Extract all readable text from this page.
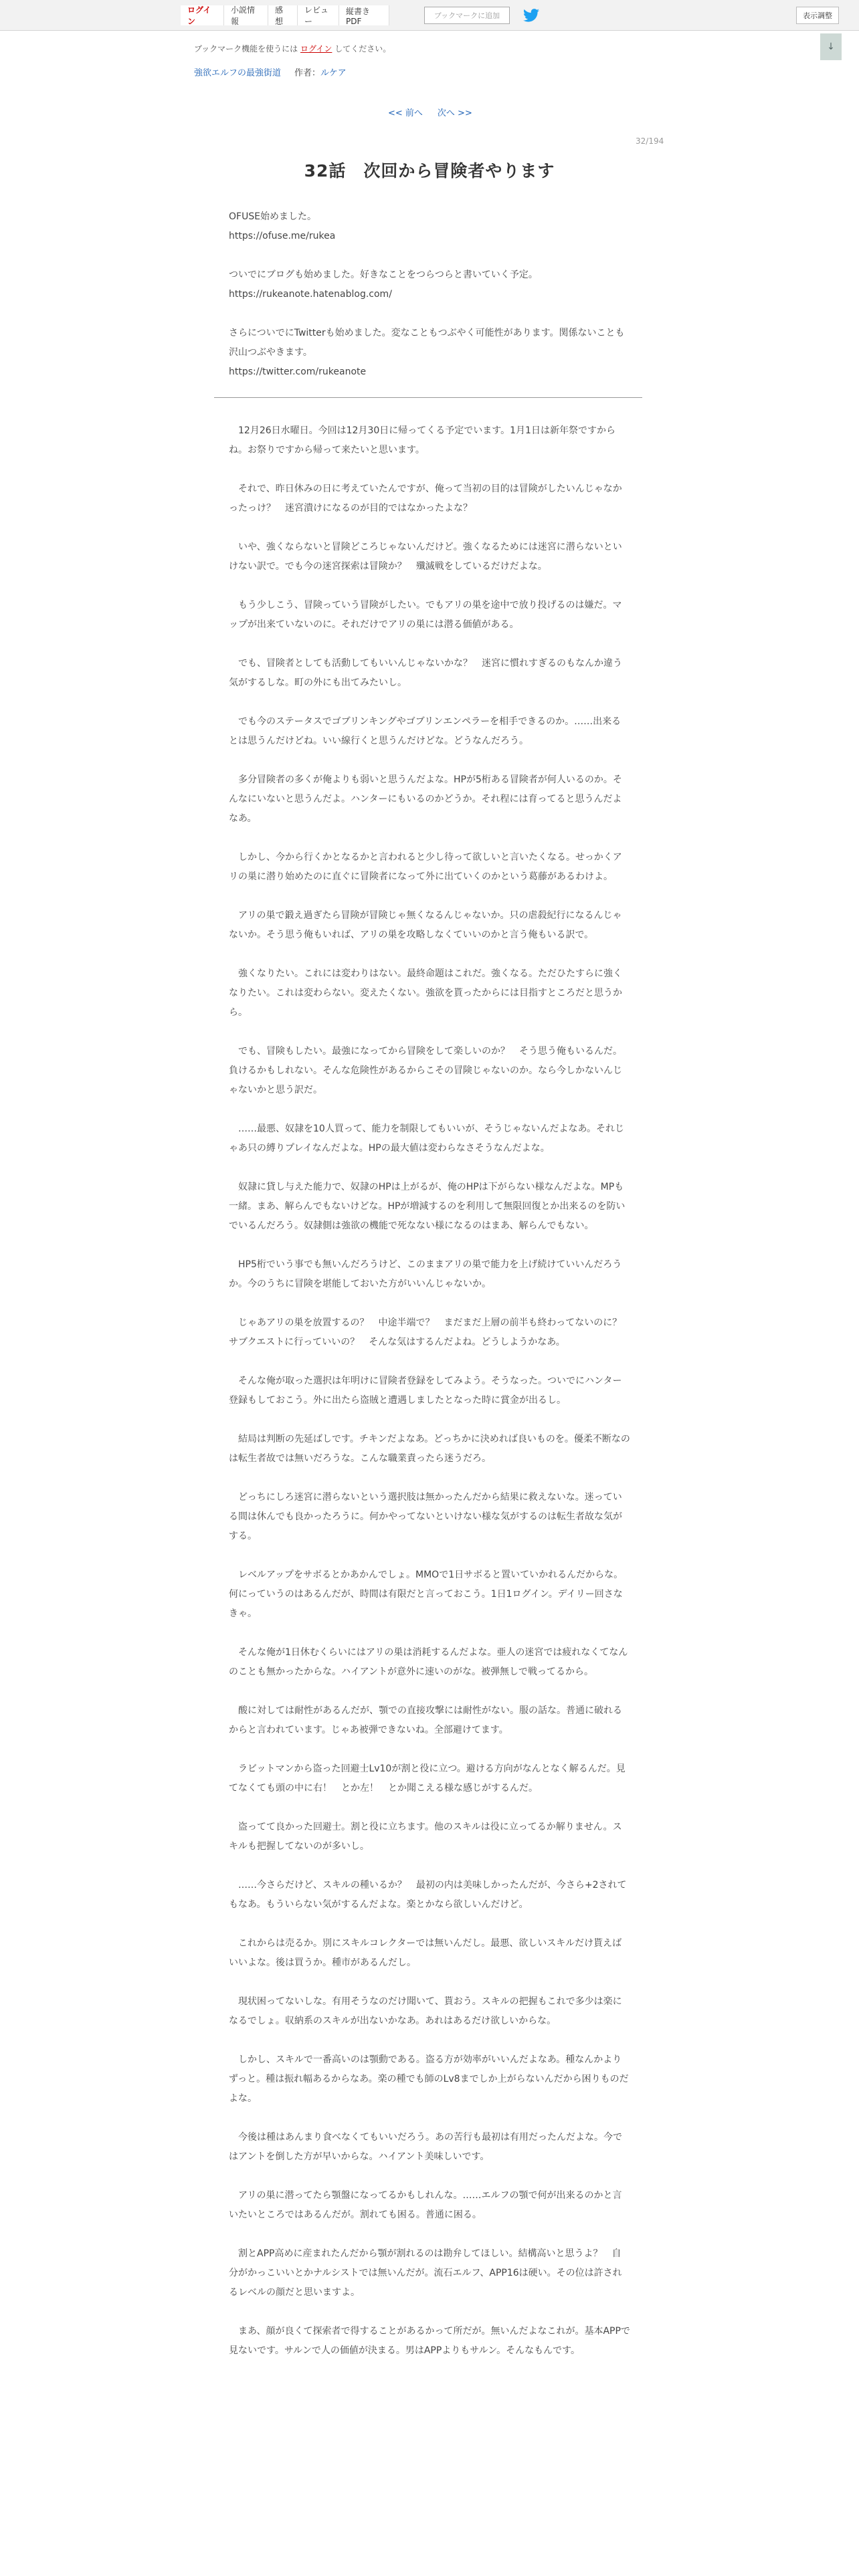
ログイン
小説情報
感想
レビュー
縦書きPDF
ブックマークに追加	表示調整
ブックマーク機能を使うには ログイン してください。	↓
強欲エルフの最強街道 作者：ルケア
<< 前へ 次へ >>
32/194
32話　次回から冒険者やります

OFUSE始めました。
https://ofuse.me/rukea

ついでにブログも始めました。好きなことをつらつらと書いていく予定。
https://rukeanote.hatenablog.com/

さらについでにTwitterも始めました。変なこともつぶやく可能性があります。関係ないことも沢山つぶやきます。
https://twitter.com/rukeanote

　12月26日水曜日。今回は12月30日に帰ってくる予定でいます。1月1日は新年祭ですからね。お祭りですから帰って来たいと思います。

　それで、昨日休みの日に考えていたんですが、俺って当初の目的は冒険がしたいんじゃなかったっけ？　迷宮潰けになるのが目的ではなかったよな？

　いや、強くならないと冒険どころじゃないんだけど。強くなるためには迷宮に潜らないといけない訳で。でも今の迷宮探索は冒険か？　殲滅戦をしているだけだよな。

　もう少しこう、冒険っていう冒険がしたい。でもアリの巣を途中で放り投げるのは嫌だ。マップが出来ていないのに。それだけでアリの巣には潜る価値がある。

　でも、冒険者としても活動してもいいんじゃないかな？　迷宮に慣れすぎるのもなんか違う気がするしな。町の外にも出てみたいし。

　でも今のステータスでゴブリンキングやゴブリンエンペラーを相手できるのか。……出来るとは思うんだけどね。いい線行くと思うんだけどな。どうなんだろう。

　多分冒険者の多くが俺よりも弱いと思うんだよな。HPが5桁ある冒険者が何人いるのか。そんなにいないと思うんだよ。ハンターにもいるのかどうか。それ程には育ってると思うんだよなあ。

　しかし、今から行くかとなるかと言われると少し待って欲しいと言いたくなる。せっかくアリの巣に潜り始めたのに直ぐに冒険者になって外に出ていくのかという葛藤があるわけよ。

　アリの巣で鍛え過ぎたら冒険が冒険じゃ無くなるんじゃないか。只の虐殺紀行になるんじゃないか。そう思う俺もいれば、アリの巣を攻略しなくていいのかと言う俺もいる訳で。

　強くなりたい。これには変わりはない。最終命題はこれだ。強くなる。ただひたすらに強くなりたい。これは変わらない。変えたくない。強欲を貰ったからには目指すところだと思うから。

　でも、冒険もしたい。最強になってから冒険をして楽しいのか？　そう思う俺もいるんだ。負けるかもしれない。そんな危険性があるからこその冒険じゃないのか。なら今しかないんじゃないかと思う訳だ。

　……最悪、奴隷を10人買って、能力を制限してもいいが、そうじゃないんだよなあ。それじゃあ只の縛りプレイなんだよな。HPの最大値は変わらなさそうなんだよな。

　奴隷に貸し与えた能力で、奴隷のHPは上がるが、俺のHPは下がらない様なんだよな。MPも一緒。まあ、解らんでもないけどな。HPが増減するのを利用して無限回復とか出来るのを防いでいるんだろう。奴隷側は強欲の機能で死なない様になるのはまあ、解らんでもない。

　HP5桁でいう事でも無いんだろうけど、このままアリの巣で能力を上げ続けていいんだろうか。今のうちに冒険を堪能しておいた方がいいんじゃないか。

　じゃあアリの巣を放置するの？　中途半端で？　まだまだ上層の前半も終わってないのに？　サブクエストに行っていいの？　そんな気はするんだよね。どうしようかなあ。

　そんな俺が取った選択は年明けに冒険者登録をしてみよう。そうなった。ついでにハンター登録もしておこう。外に出たら盗賊と遭遇しましたとなった時に賞金が出るし。

　結局は判断の先延ばしです。チキンだよなあ。どっちかに決めれば良いものを。優柔不断なのは転生者故では無いだろうな。こんな職業責ったら迷うだろ。

　どっちにしろ迷宮に潜らないという選択肢は無かったんだから結果に救えないな。迷っている間は休んでも良かったろうに。何かやってないといけない様な気がするのは転生者故な気がする。

　レベルアップをサボるとかあかんでしょ。MMOで1日サボると置いていかれるんだからな。何にっていうのはあるんだが、時間は有限だと言っておこう。1日1ログイン。デイリー回さなきゃ。

　そんな俺が1日休むくらいにはアリの巣は消耗するんだよな。亜人の迷宮では疲れなくてなんのことも無かったからな。ハイアントが意外に速いのがな。被弾無しで戦ってるから。

　酸に対しては耐性があるんだが、顎での直接攻撃には耐性がない。服の話な。普通に破れるからと言われています。じゃあ被弾できないね。全部避けてます。

　ラビットマンから盗った回避士Lv10が割と役に立つ。避ける方向がなんとなく解るんだ。見てなくても頭の中に右！　とか左！　とか聞こえる様な感じがするんだ。

　盗ってて良かった回避士。割と役に立ちます。他のスキルは役に立ってるか解りません。スキルも把握してないのが多いし。

　……今さらだけど、スキルの種いるか？　最初の内は美味しかったんだが、今さら+2されてもなあ。もういらない気がするんだよな。楽とかなら欲しいんだけど。

　これからは売るか。別にスキルコレクターでは無いんだし。最悪、欲しいスキルだけ貰えばいいよな。後は買うか。種市があるんだし。

　現状困ってないしな。有用そうなのだけ聞いて、貰おう。スキルの把握もこれで多少は楽になるでしょ。収納系のスキルが出ないかなあ。あれはあるだけ欲しいからな。

　しかし、スキルで一番高いのは顎動である。盗る方が効率がいいんだよなあ。種なんかよりずっと。種は振れ幅あるからなあ。楽の種でも師のLv8までしか上がらないんだから困りものだよな。

　今後は種はあんまり食べなくてもいいだろう。あの苦行も最初は有用だったんだよな。今ではアントを倒した方が早いからな。ハイアント美味しいです。

　アリの巣に潜ってたら顎盤になってるかもしれんな。……エルフの顎で何が出来るのかと言いたいところではあるんだが。割れても困る。普通に困る。

　割とAPP高めに産まれたんだから顎が割れるのは勘弁してほしい。結構高いと思うよ？　自分がかっこいいとかナルシストでは無いんだが。流石エルフ、APP16は硬い。その位は許されるレベルの顔だと思いますよ。

　まあ、顔が良くて探索者で得することがあるかって所だが。無いんだよなこれが。基本APPで見ないです。サルンで人の価値が決まる。男はAPPよりもサルン。そんなもんです。
